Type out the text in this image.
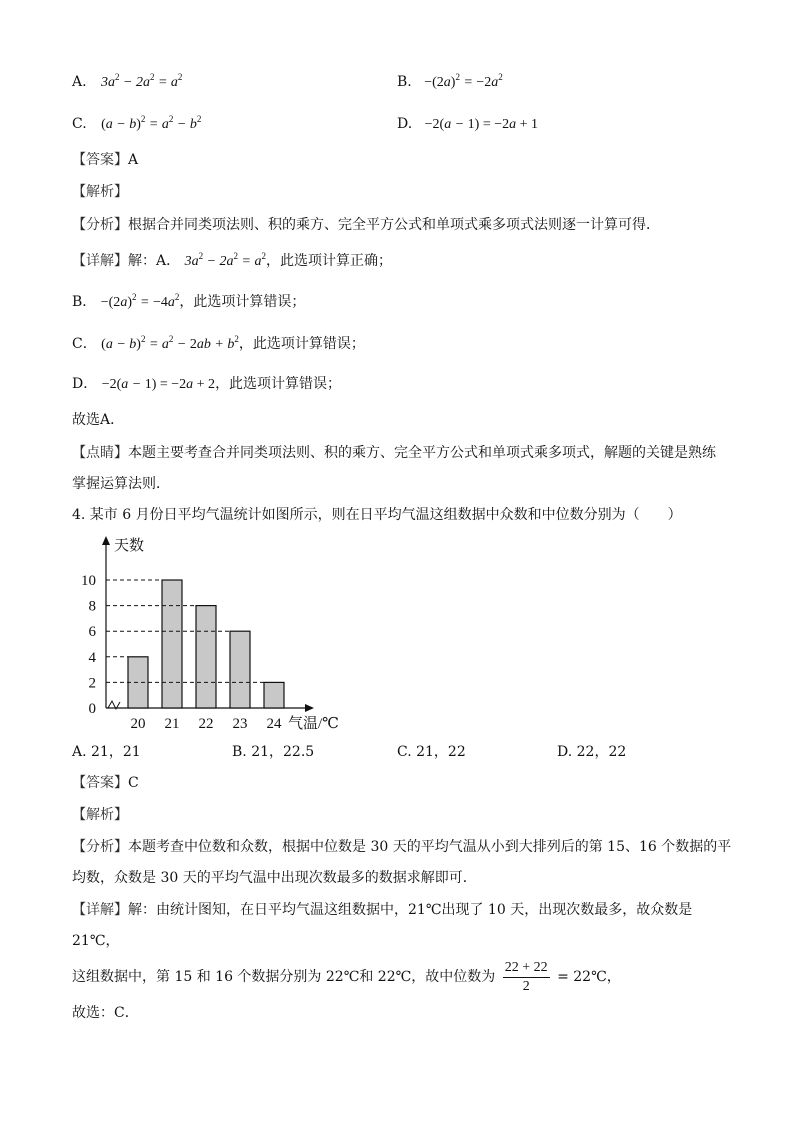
A. $3a^2 - 2a^2 = a^2$	B. $-(2a)^2 = -2a^2$
C. $(a - b)^2 = a^2 - b^2$	D. −2(a − 1) = −2a + 1
【答案】A
【解析】
【分析】根据合并同类项法则、积的乘方、完全平方公式和单项式乘多项式法则逐一计算可得．
【详解】解：A． $3a^2 - 2a^2 = a^2$，此选项计算正确；
B． $-(2a)^2 = -4a^2$，此选项计算错误；
C． $(a - b)^2 = a^2 - 2ab + b^2$，此选项计算错误；
D． −2(a − 1) = −2a + 2，此选项计算错误；
故选A．
【点睛】本题主要考查合并同类项法则、积的乘方、完全平方公式和单项式乘多项式，解题的关键是熟练
掌握运算法则．
4. 某市 6 月份日平均气温统计如图所示，则在日平均气温这组数据中众数和中位数分别为（　　）
天数
气温/℃
0
2
4
6
8
10
20 21 22 23 24
A. 21，21	B. 21，22.5	C. 21，22	D. 22，22
【答案】C
【解析】
【分析】本题考查中位数和众数，根据中位数是 30 天的平均气温从小到大排列后的第 15、16 个数据的平
均数，众数是 30 天的平均气温中出现次数最多的数据求解即可．
【详解】解：由统计图知，在日平均气温这组数据中，21℃出现了 10 天，出现次数最多，故众数是
21℃，
这组数据中，第 15 和 16 个数据分别为 22℃和 22℃，故中位数为 $\frac{22 + 22}{2}$ = 22℃，
故选：C．
